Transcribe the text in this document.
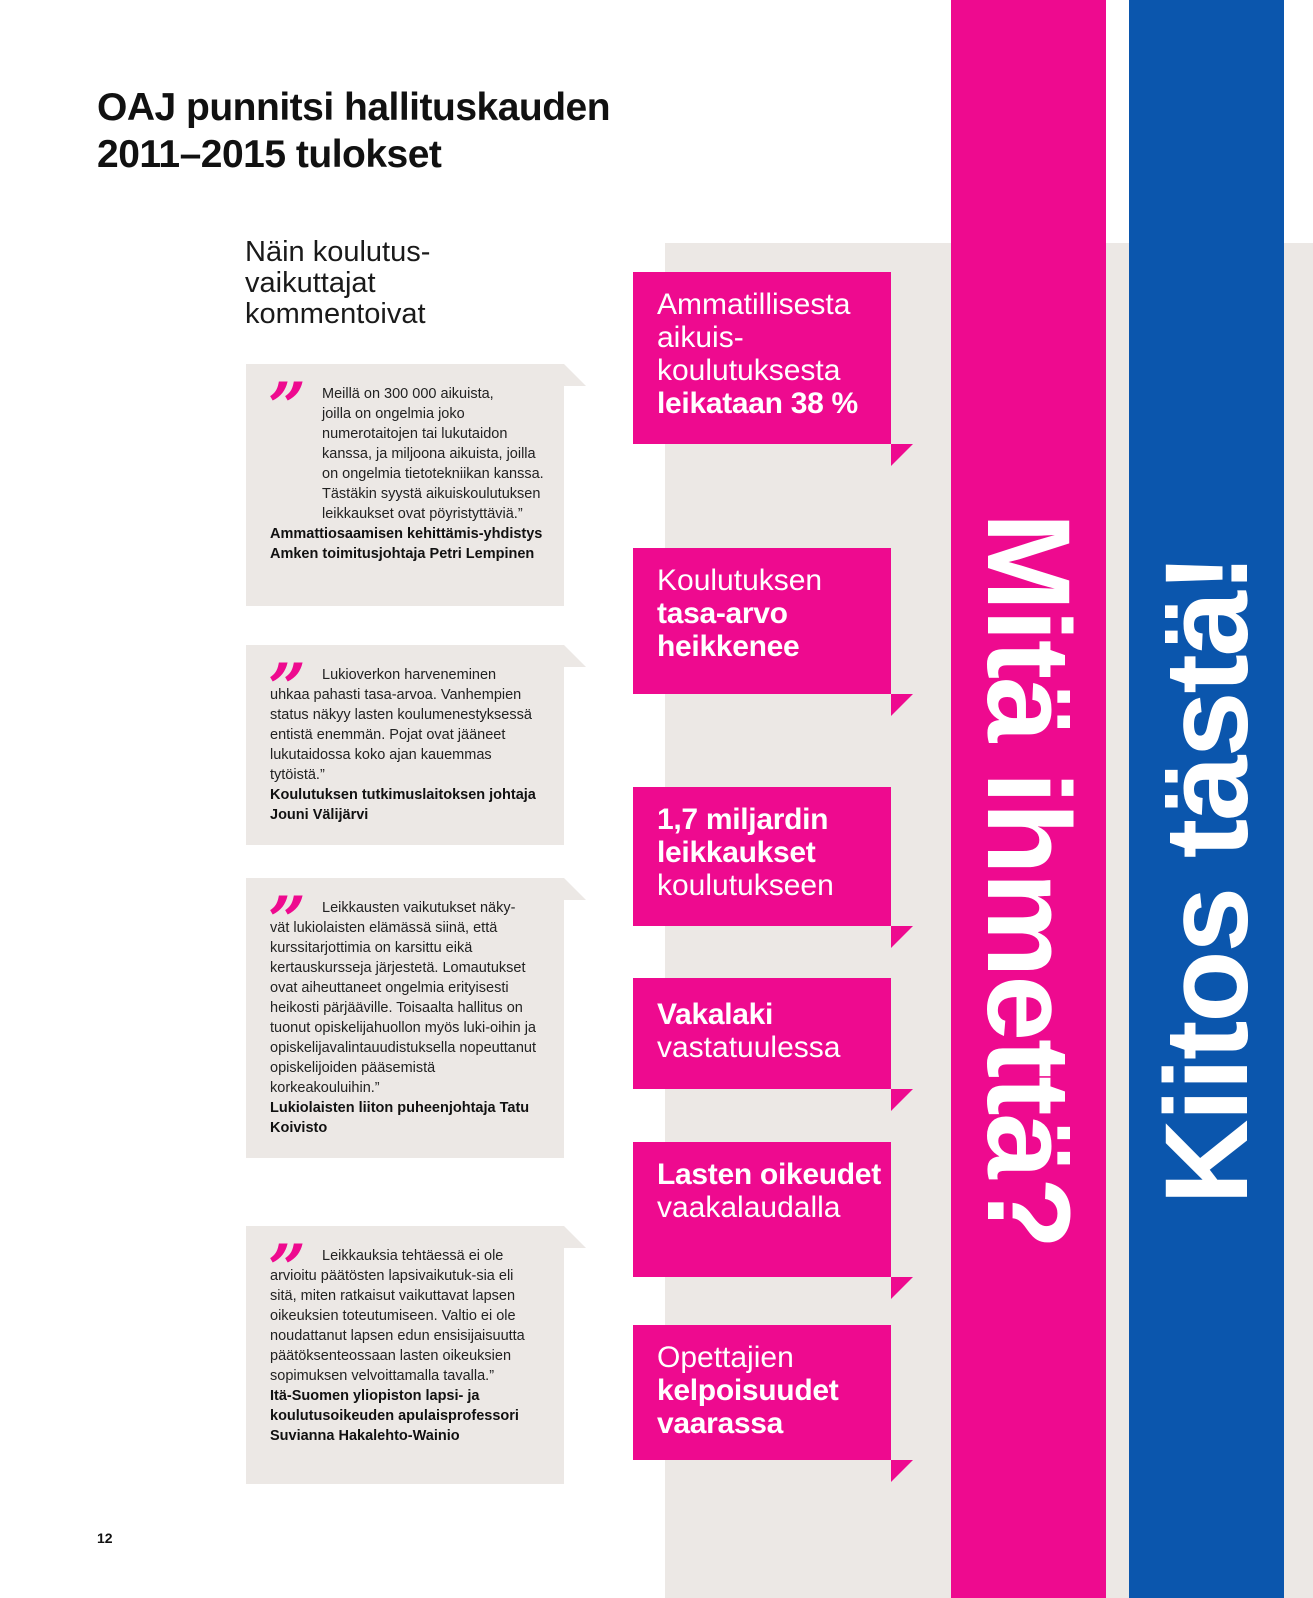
Mitä ihmettä? Kiitos tästä!
OAJ punnitsi hallituskauden
2011–2015 tulokset
Näin koulutus-
vaikuttajat
kommentoivat
”	Meillä on 300 000 aikuista,
joilla on ongelmia joko numerotaitojen tai lukutaidon kanssa, ja miljoona aikuista, joilla on ongelmia tietotekniikan kanssa. Tästäkin syystä aikuiskoulutuksen leikkaukset ovat pöyristyttäviä.”
Ammattiosaamisen kehittämis-yhdistys Amken toimitusjohtaja Petri Lempinen
”	Lukioverkon harveneminen
uhkaa pahasti tasa-arvoa. Vanhempien status näkyy lasten koulumenestyksessä entistä enemmän. Pojat ovat jääneet lukutaidossa koko ajan kauemmas tytöistä.”
Koulutuksen tutkimuslaitoksen johtaja Jouni Välijärvi
”	Leikkausten vaikutukset näky-
vät lukiolaisten elämässä siinä, että kurssitarjottimia on karsittu eikä kertauskursseja järjestetä. Lomautukset ovat aiheuttaneet ongelmia erityisesti heikosti pärjääville. Toisaalta hallitus on tuonut opiskelijahuollon myös luki-oihin ja opiskelijavalintauudistuksella nopeuttanut opiskelijoiden pääsemistä korkeakouluihin.”
Lukiolaisten liiton puheenjohtaja Tatu Koivisto
”	Leikkauksia tehtäessä ei ole
arvioitu päätösten lapsivaikutuk-sia eli sitä, miten ratkaisut vaikuttavat lapsen oikeuksien toteutumiseen. Valtio ei ole noudattanut lapsen edun ensisijaisuutta päätöksenteossaan lasten oikeuksien sopimuksen velvoittamalla tavalla.”
Itä-Suomen yliopiston lapsi- ja koulutusoikeuden apulaisprofessori Suvianna Hakalehto-Wainio
Ammatillisesta aikuis- koulutuksesta
leikataan 38 %
Koulutuksen
tasa-arvo heikkenee
1,7 miljardin leikkaukset
koulutukseen
Vakalaki
vastatuulessa
Lasten oikeudet
vaakalaudalla
Opettajien
kelpoisuudet vaarassa
12
